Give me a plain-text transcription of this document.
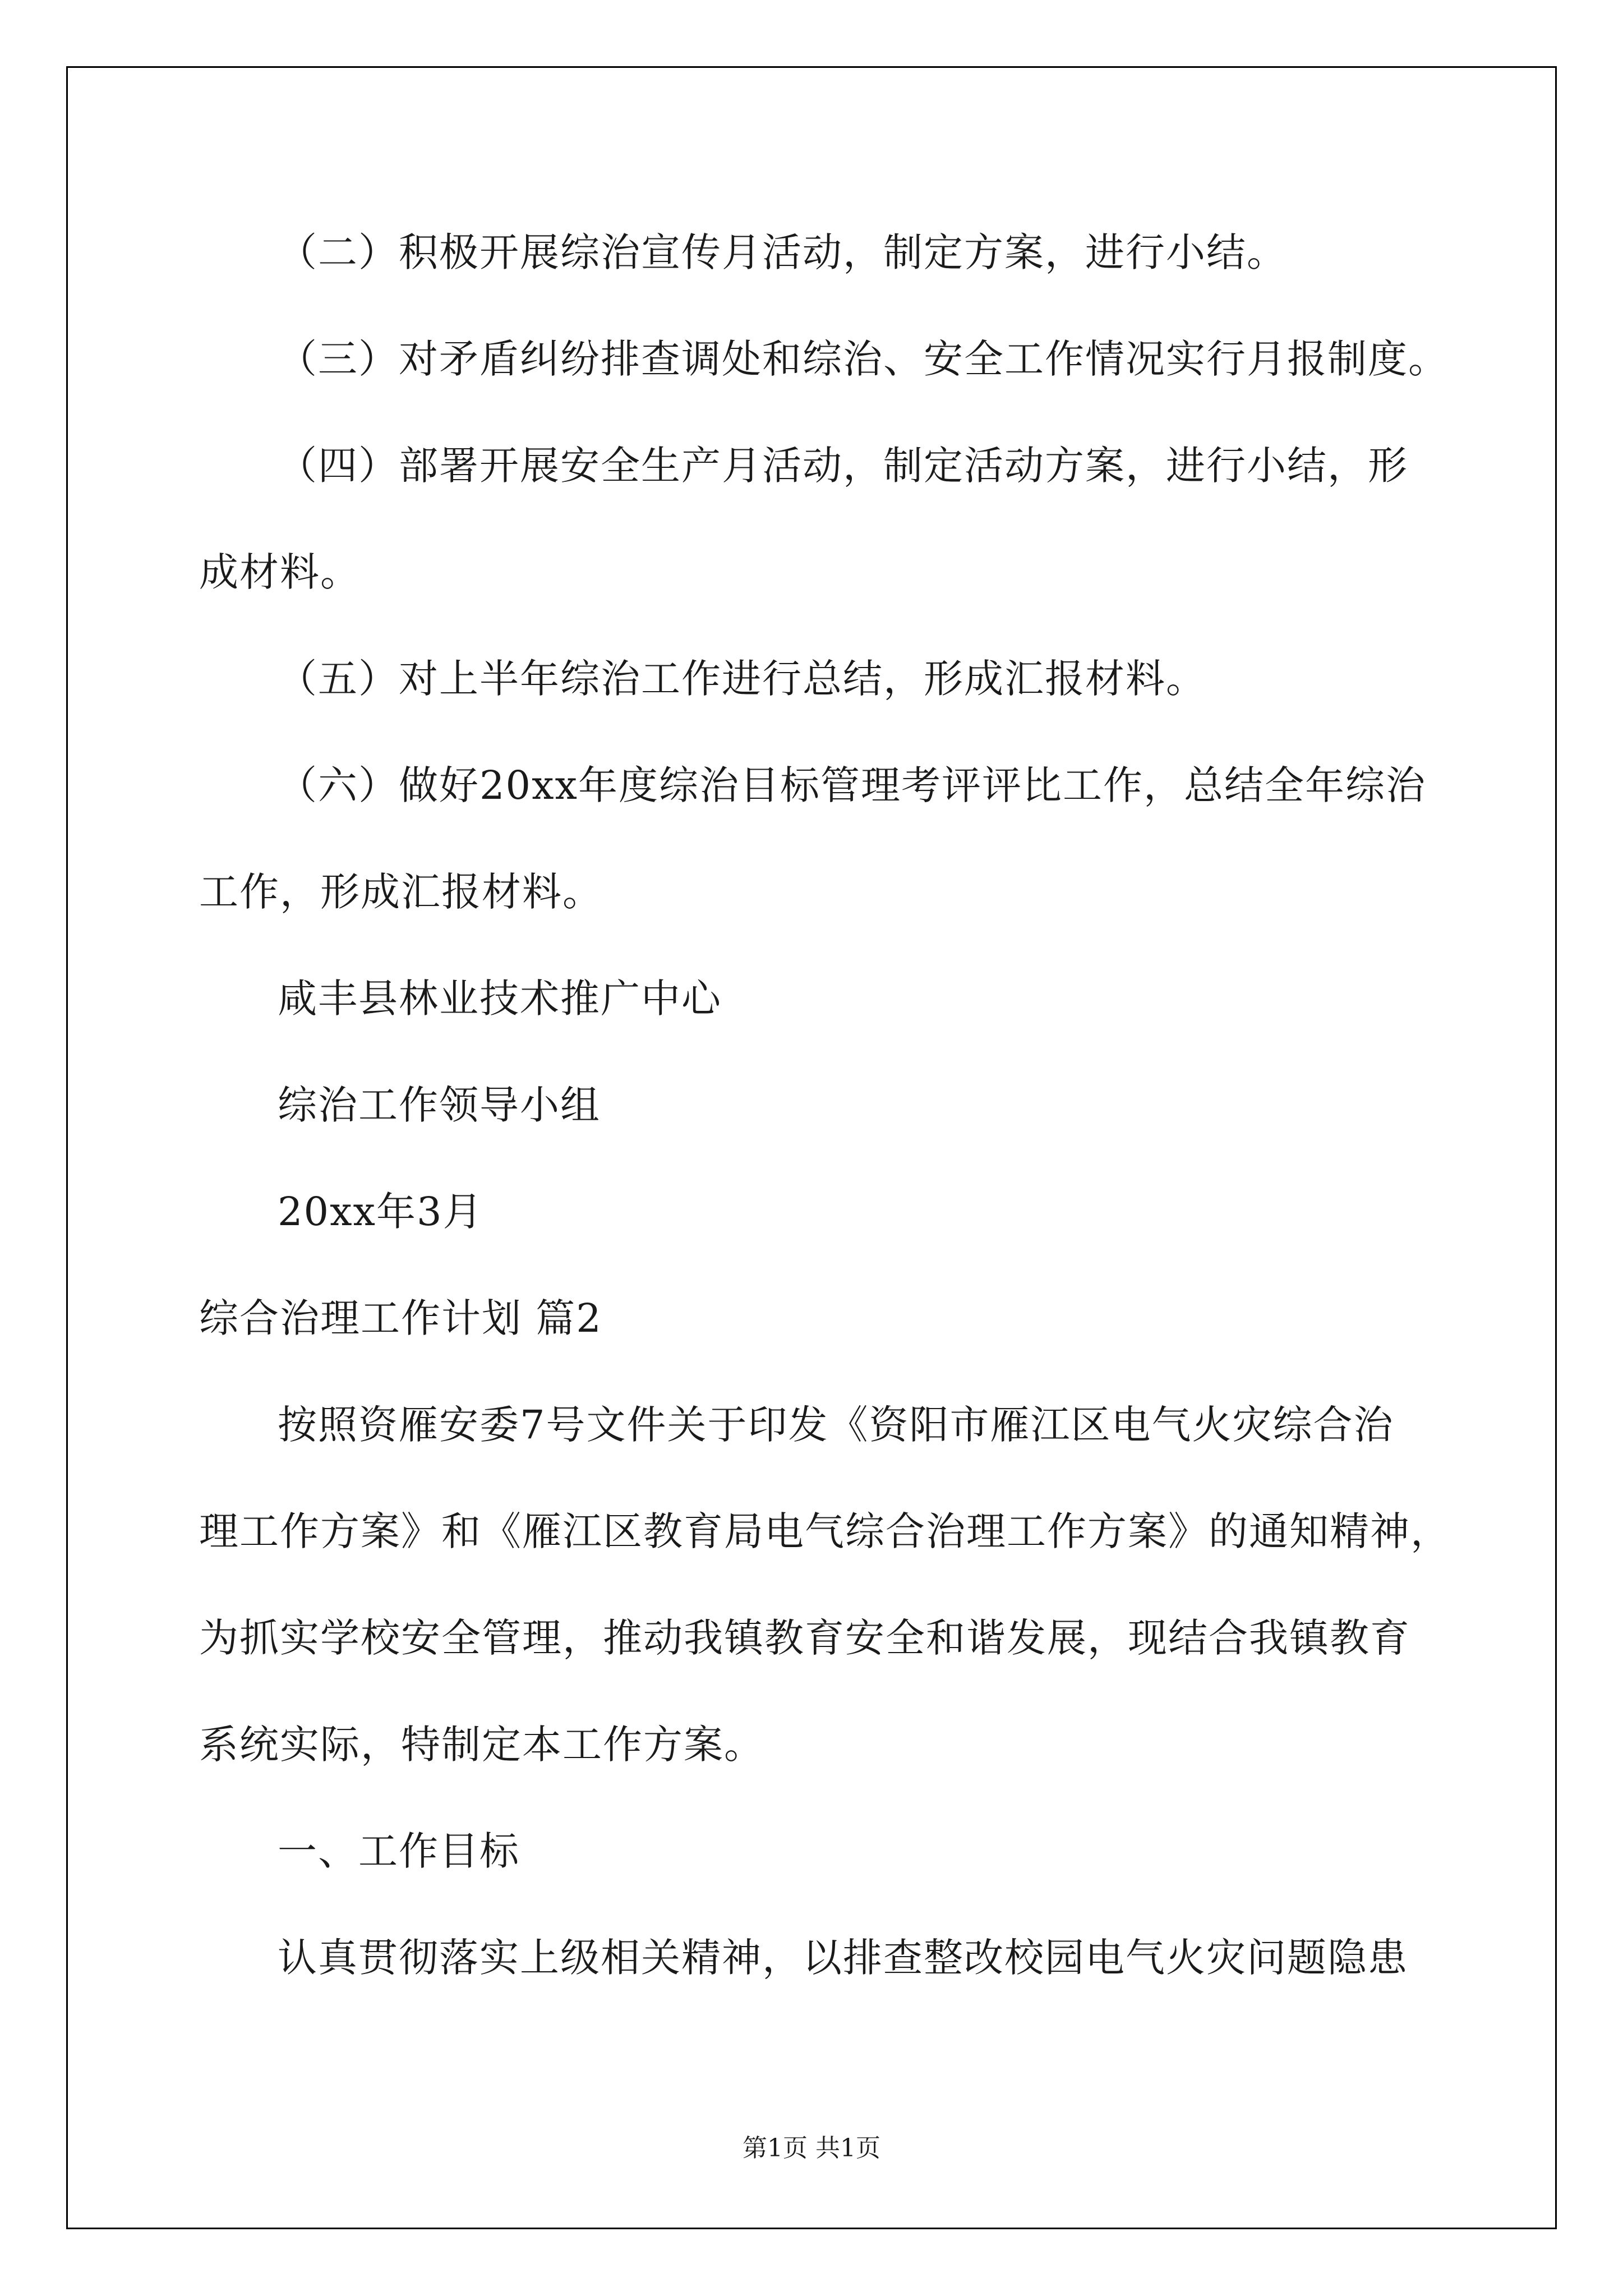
（二）积极开展综治宣传月活动，制定方案，进行小结。
（三）对矛盾纠纷排查调处和综治、安全工作情况实行月报制度。
（四）部署开展安全生产月活动，制定活动方案，进行小结，形
成材料。
（五）对上半年综治工作进行总结，形成汇报材料。
（六）做好20xx年度综治目标管理考评评比工作，总结全年综治
工作，形成汇报材料。
咸丰县林业技术推广中心
综治工作领导小组
20xx年3月
综合治理工作计划 篇2
按照资雁安委7号文件关于印发《资阳市雁江区电气火灾综合治
理工作方案》和《雁江区教育局电气综合治理工作方案》的通知精神，
为抓实学校安全管理，推动我镇教育安全和谐发展，现结合我镇教育
系统实际，特制定本工作方案。
一、工作目标
认真贯彻落实上级相关精神，以排查整改校园电气火灾问题隐患
第1页 共1页
